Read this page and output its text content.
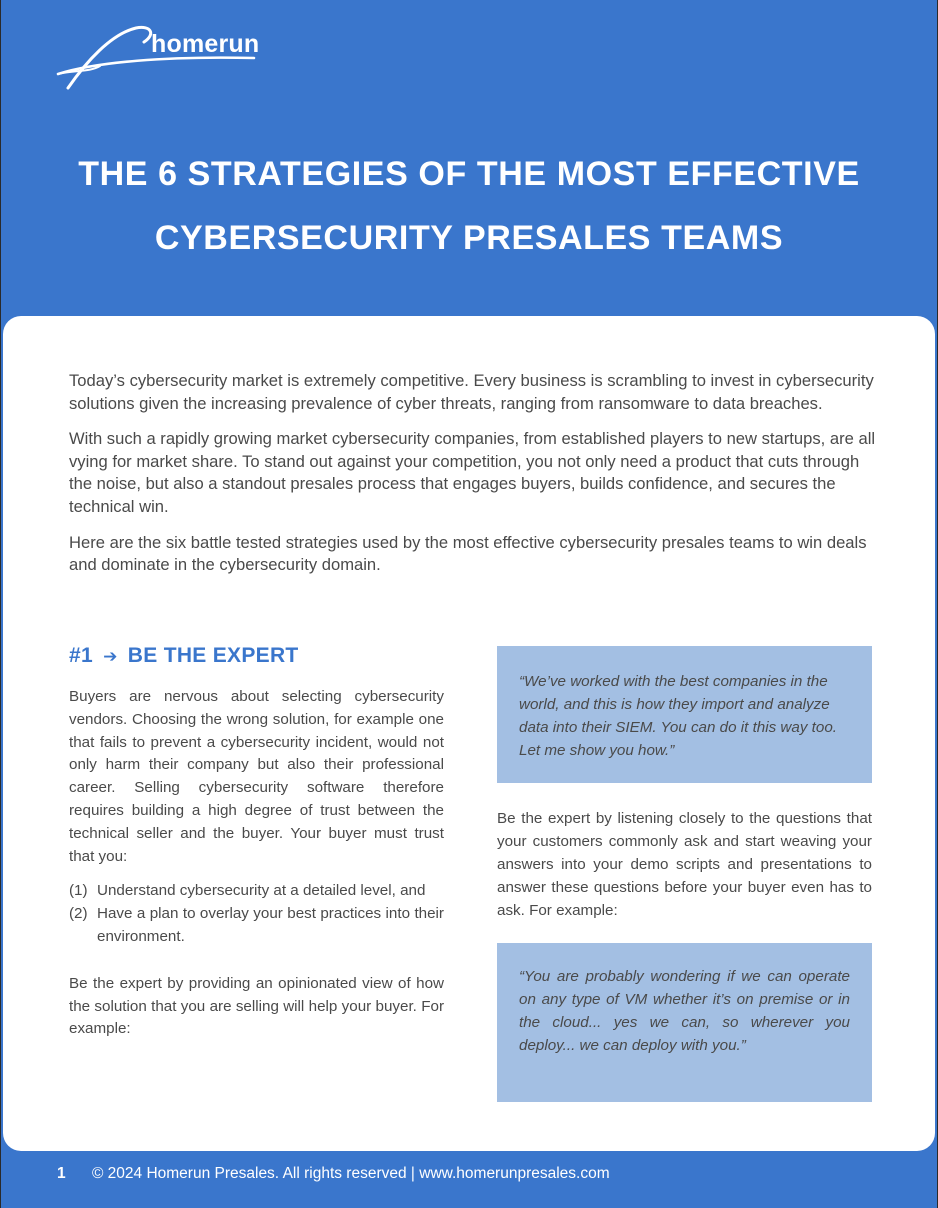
homerun
THE 6 STRATEGIES OF THE MOST EFFECTIVE
CYBERSECURITY PRESALES TEAMS

Today’s cybersecurity market is extremely competitive. Every business is scrambling to invest in cybersecurity solutions given the increasing prevalence of cyber threats, ranging from ransomware to data breaches.

With such a rapidly growing market cybersecurity companies, from established players to new startups, are all vying for market share. To stand out against your competition, you not only need a product that cuts through the noise, but also a standout presales process that engages buyers, builds confidence, and secures the technical win.

Here are the six battle tested strategies used by the most effective cybersecurity presales teams to win deals and dominate in the cybersecurity domain.

#1 ➔ BE THE EXPERT

Buyers are nervous about selecting cybersecurity vendors. Choosing the wrong solution, for example one that fails to prevent a cybersecurity incident, would not only harm their company but also their professional career. Selling cybersecurity software therefore requires building a high degree of trust between the technical seller and the buyer. Your buyer must trust that you:

(1) Understand cybersecurity at a detailed level, and
(2) Have a plan to overlay your best practices into their environment.

Be the expert by providing an opinionated view of how the solution that you are selling will help your buyer. For example:

“We’ve worked with the best companies in the world, and this is how they import and analyze data into their SIEM. You can do it this way too. Let me show you how.”

Be the expert by listening closely to the questions that your customers commonly ask and start weaving your answers into your demo scripts and presentations to answer these questions before your buyer even has to ask. For example:

“You are probably wondering if we can operate on any type of VM whether it’s on premise or in the cloud... yes we can, so wherever you deploy... we can deploy with you.”

1 © 2024 Homerun Presales. All rights reserved | www.homerunpresales.com
